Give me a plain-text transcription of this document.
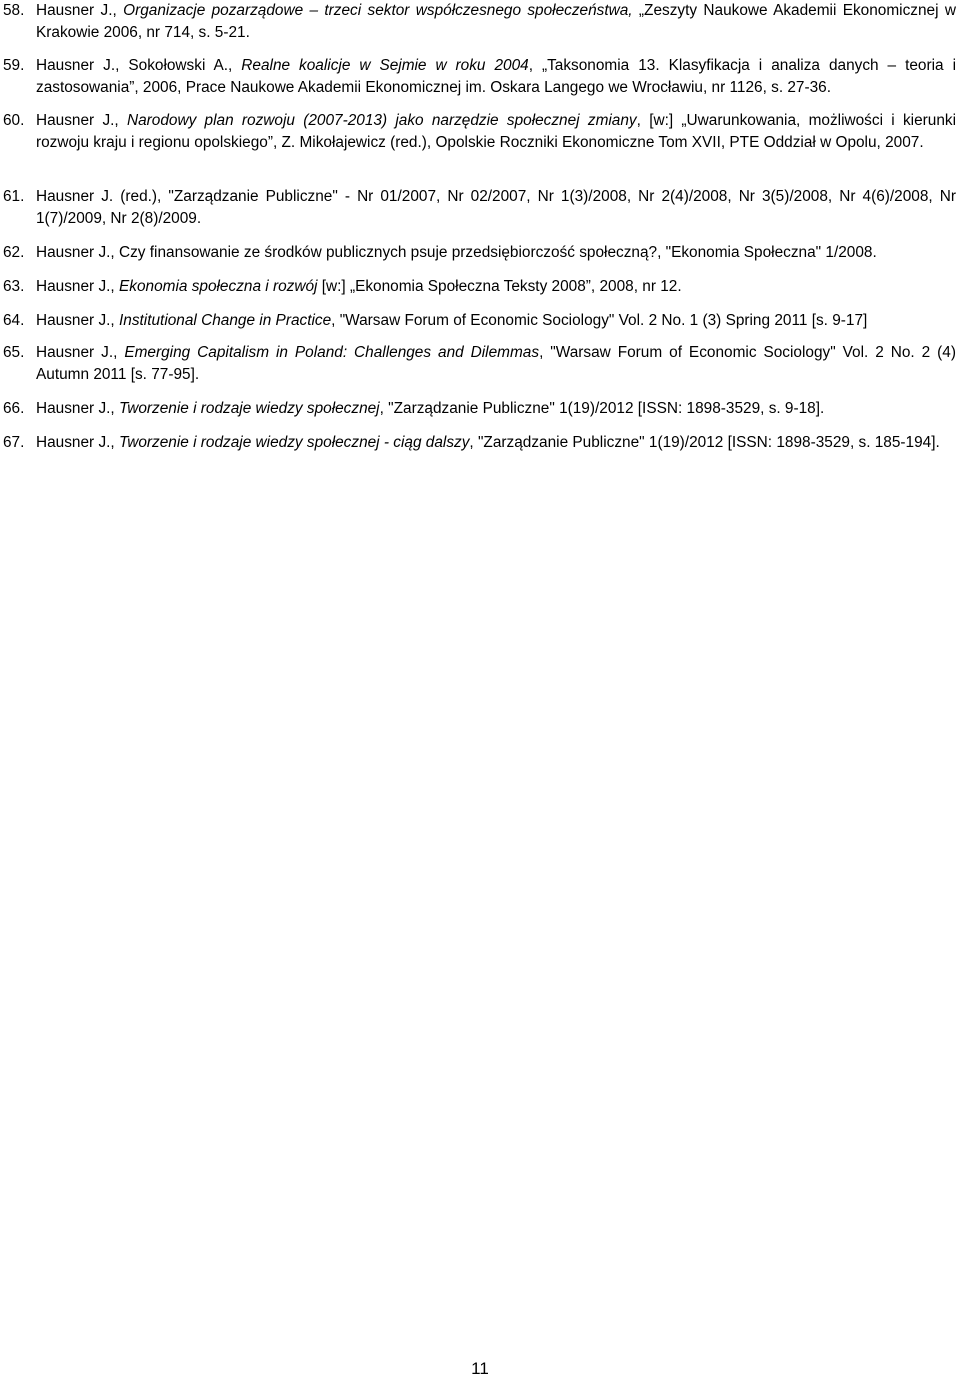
58. Hausner J., Organizacje pozarządowe – trzeci sektor współczesnego społeczeństwa, „Zeszyty Naukowe Akademii Ekonomicznej w Krakowie 2006, nr 714, s. 5-21.
59. Hausner J., Sokołowski A., Realne koalicje w Sejmie w roku 2004, „Taksonomia 13. Klasyfikacja i analiza danych – teoria i zastosowania”, 2006, Prace Naukowe Akademii Ekonomicznej im. Oskara Langego we Wrocławiu, nr 1126, s. 27-36.
60. Hausner J., Narodowy plan rozwoju (2007-2013) jako narzędzie społecznej zmiany, [w:] „Uwarunkowania, możliwości i kierunki rozwoju kraju i regionu opolskiego”, Z. Mikołajewicz (red.), Opolskie Roczniki Ekonomiczne Tom XVII, PTE Oddział w Opolu, 2007.
61. Hausner J. (red.), "Zarządzanie Publiczne" - Nr 01/2007, Nr 02/2007, Nr 1(3)/2008, Nr 2(4)/2008, Nr 3(5)/2008, Nr 4(6)/2008, Nr 1(7)/2009, Nr 2(8)/2009.
62. Hausner J., Czy finansowanie ze środków publicznych psuje przedsiębiorczość społeczną?, "Ekonomia Społeczna" 1/2008.
63. Hausner J., Ekonomia społeczna i rozwój [w:] „Ekonomia Społeczna Teksty 2008”, 2008, nr 12.
64. Hausner J., Institutional Change in Practice, "Warsaw Forum of Economic Sociology" Vol. 2 No. 1 (3) Spring 2011 [s. 9-17]
65. Hausner J., Emerging Capitalism in Poland: Challenges and Dilemmas, "Warsaw Forum of Economic Sociology" Vol. 2 No. 2 (4) Autumn 2011 [s. 77-95].
66. Hausner J., Tworzenie i rodzaje wiedzy społecznej, "Zarządzanie Publiczne" 1(19)/2012 [ISSN: 1898-3529, s. 9-18].
67. Hausner J., Tworzenie i rodzaje wiedzy społecznej - ciąg dalszy, "Zarządzanie Publiczne" 1(19)/2012 [ISSN: 1898-3529, s. 185-194].
11
